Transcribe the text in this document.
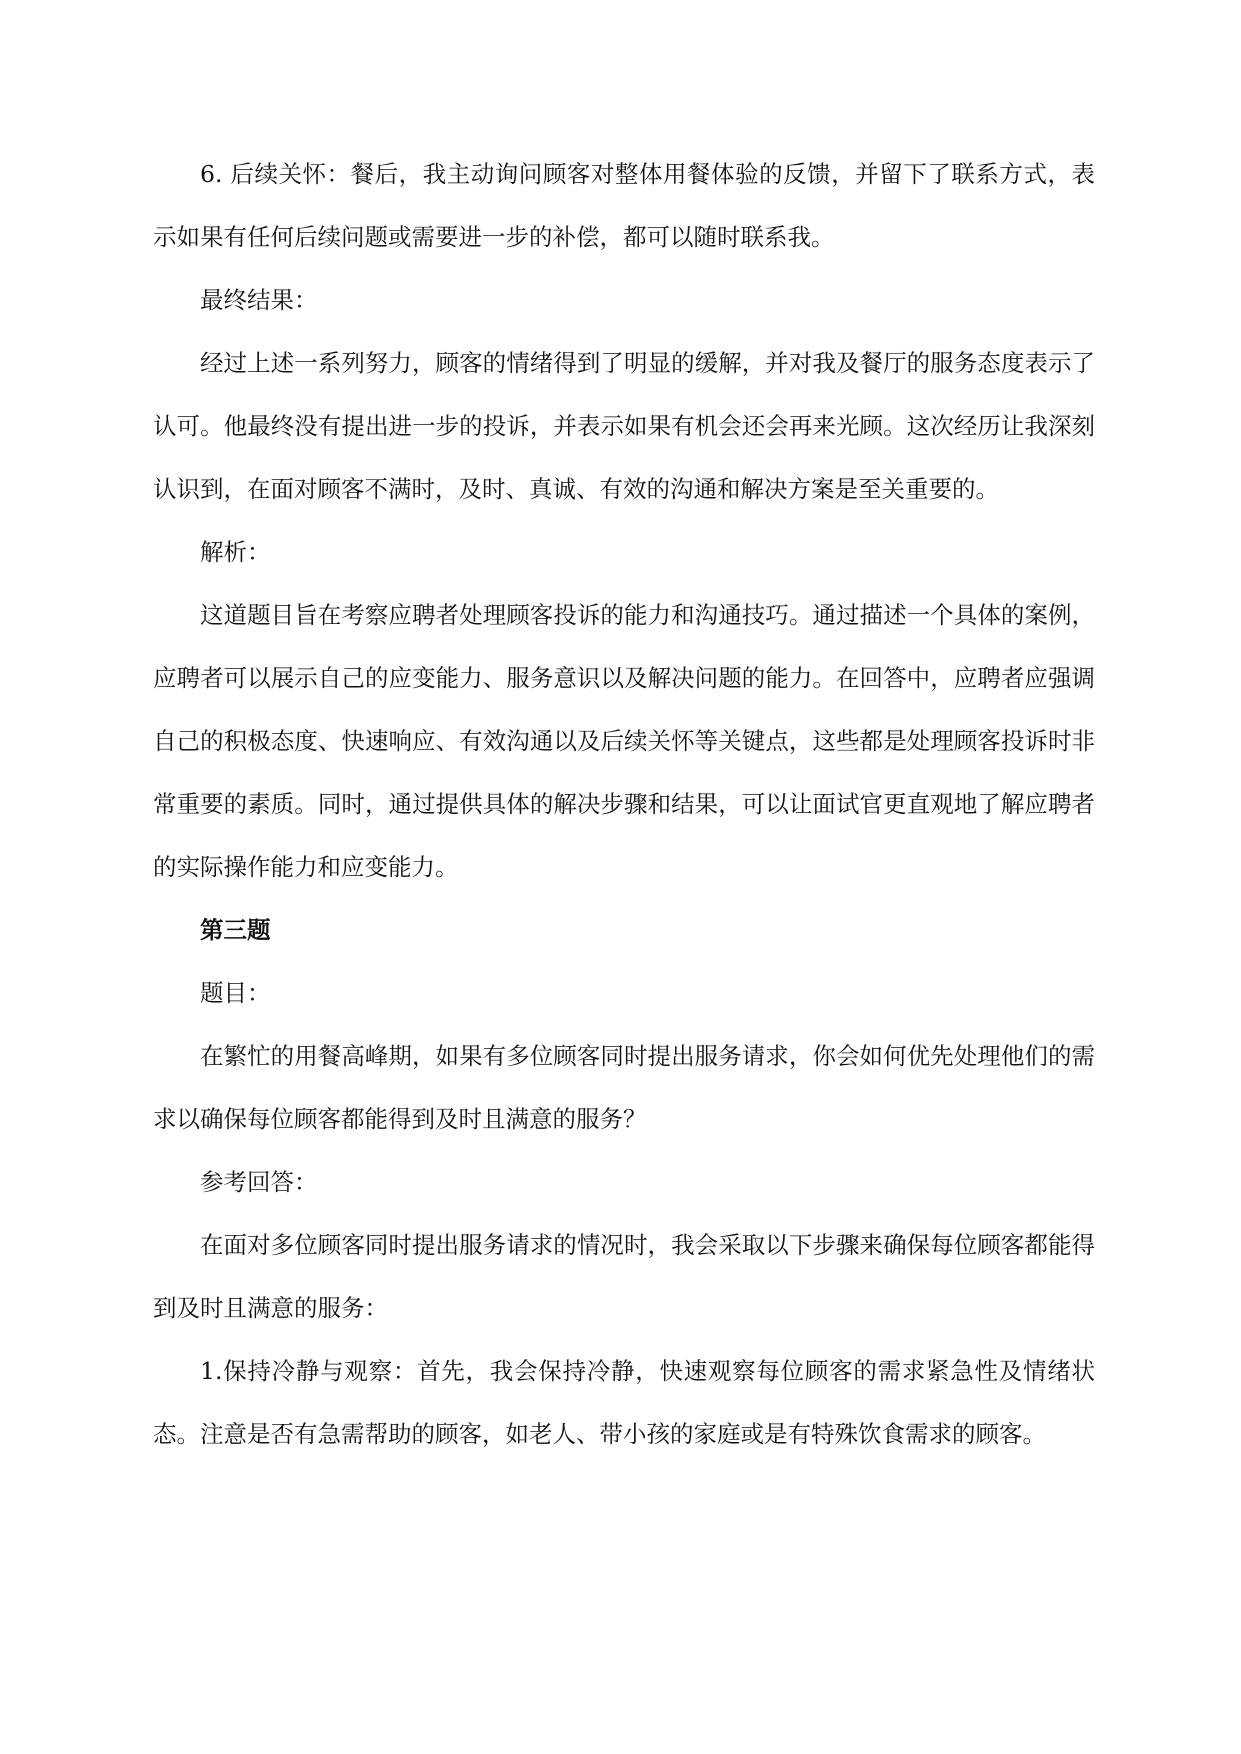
6. 后续关怀：餐后，我主动询问顾客对整体用餐体验的反馈，并留下了联系方式，表示如果有任何后续问题或需要进一步的补偿，都可以随时联系我。

最终结果：

经过上述一系列努力，顾客的情绪得到了明显的缓解，并对我及餐厅的服务态度表示了认可。他最终没有提出进一步的投诉，并表示如果有机会还会再来光顾。这次经历让我深刻认识到，在面对顾客不满时，及时、真诚、有效的沟通和解决方案是至关重要的。

解析：

这道题目旨在考察应聘者处理顾客投诉的能力和沟通技巧。通过描述一个具体的案例，应聘者可以展示自己的应变能力、服务意识以及解决问题的能力。在回答中，应聘者应强调自己的积极态度、快速响应、有效沟通以及后续关怀等关键点，这些都是处理顾客投诉时非常重要的素质。同时，通过提供具体的解决步骤和结果，可以让面试官更直观地了解应聘者的实际操作能力和应变能力。

第三题

题目：

在繁忙的用餐高峰期，如果有多位顾客同时提出服务请求，你会如何优先处理他们的需求以确保每位顾客都能得到及时且满意的服务？

参考回答：

在面对多位顾客同时提出服务请求的情况时，我会采取以下步骤来确保每位顾客都能得到及时且满意的服务：

1.保持冷静与观察：首先，我会保持冷静，快速观察每位顾客的需求紧急性及情绪状态。注意是否有急需帮助的顾客，如老人、带小孩的家庭或是有特殊饮食需求的顾客。
